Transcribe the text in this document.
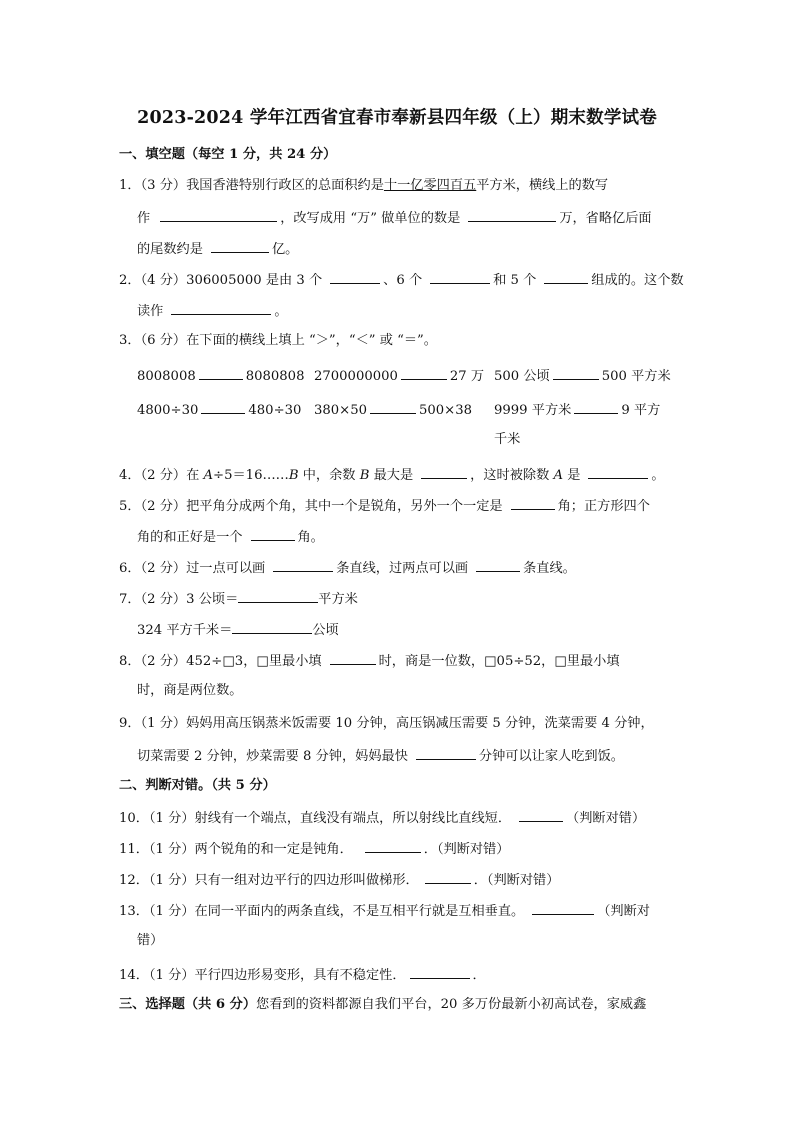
2023-2024 学年江西省宜春市奉新县四年级（上）期末数学试卷
一、填空题（每空 1 分，共 24 分）
1．（3 分）我国香港特别行政区的总面积约是十一亿零四百五平方米，横线上的数写
作	，改写成用 “万” 做单位的数是	万，省略亿后面
的尾数约是	亿。
2．（4 分）306005000 是由 3 个	、6 个	和 5 个	组成的。这个数
读作	。
3．（6 分）在下面的横线上填上 “＞”，“＜” 或 “＝”。
8008008	8080808 2700000000	27 万 500 公顷	500 平方米
4800÷30	480÷30 380×50	500×38 9999 平方米	9 平方
千米
4．（2 分）在 A÷5＝16……B 中，余数 B 最大是	，这时被除数 A 是	。
5．（2 分）把平角分成两个角，其中一个是锐角，另外一个一定是	角；正方形四个
角的和正好是一个	角。
6．（2 分）过一点可以画	条直线，过两点可以画	条直线。
7．（2 分）3 公顷＝	平方米
324 平方千米＝	公顷
8．（2 分）452÷□3，□里最小填	时，商是一位数，□05÷52，□里最小填
时，商是两位数。
9．（1 分）妈妈用高压锅蒸米饭需要 10 分钟，高压锅减压需要 5 分钟，洗菜需要 4 分钟，
切菜需要 2 分钟，炒菜需要 8 分钟，妈妈最快	分钟可以让家人吃到饭。
二、判断对错。（共 5 分）
10．（1 分）射线有一个端点，直线没有端点，所以射线比直线短．	（判断对错）
11．（1 分）两个锐角的和一定是钝角．	．（判断对错）
12．（1 分）只有一组对边平行的四边形叫做梯形．	．（判断对错）
13．（1 分）在同一平面内的两条直线，不是互相平行就是互相垂直。	（判断对
错）
14．（1 分）平行四边形易变形，具有不稳定性．	．
三、选择题（共 6 分）您看到的资料都源自我们平台，20 多万份最新小初高试卷，家威鑫
